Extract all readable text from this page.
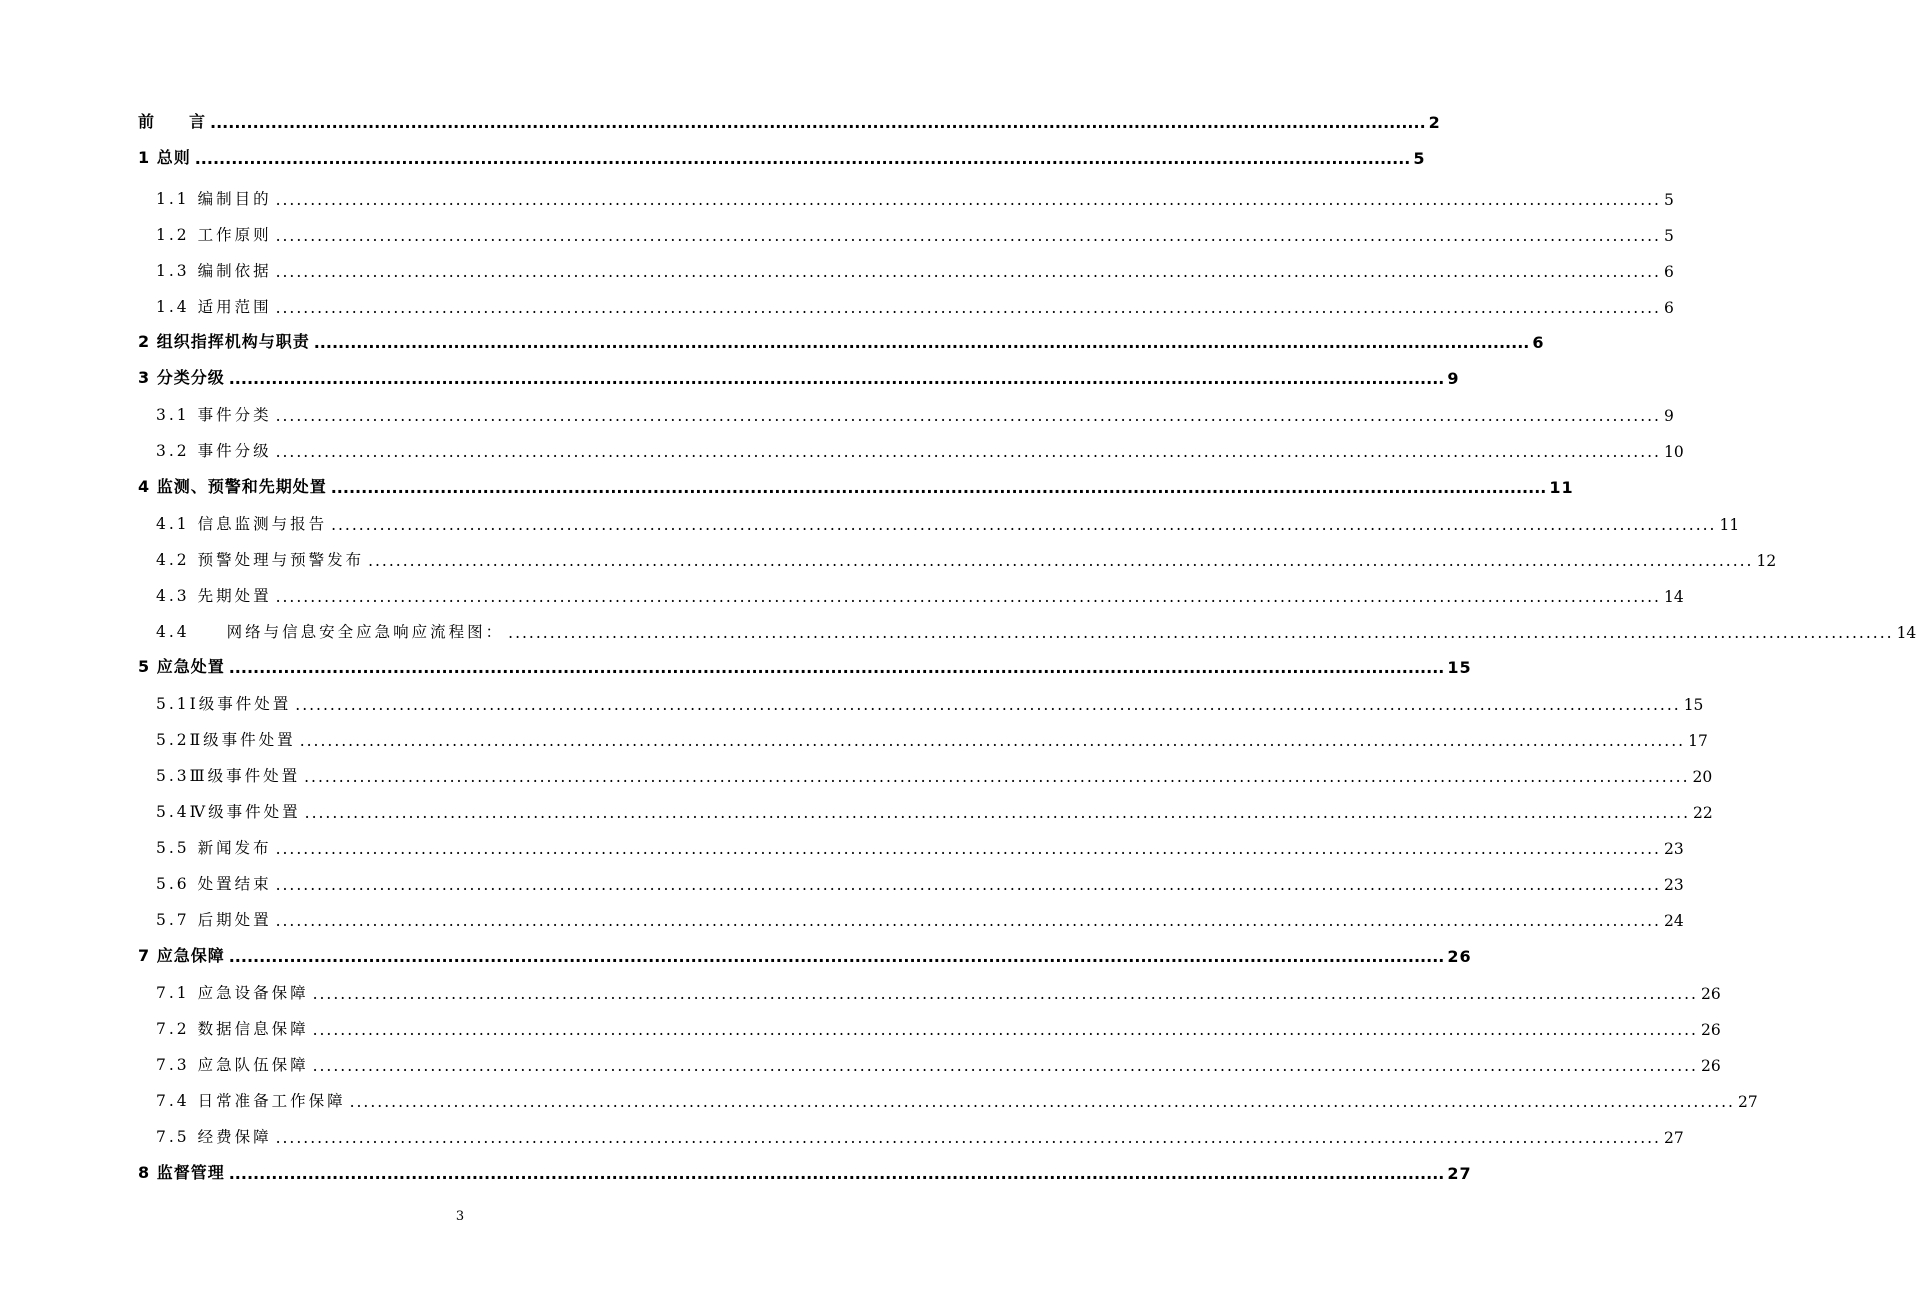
前　　言 ........................................................................................................................................................................................................ 2
1 总则 ........................................................................................................................................................................................................ 5
1.1 编制目的 ........................................................................................................................................................................................................ 5
1.2 工作原则 ........................................................................................................................................................................................................ 5
1.3 编制依据 ........................................................................................................................................................................................................ 6
1.4 适用范围 ........................................................................................................................................................................................................ 6
2 组织指挥机构与职责 ........................................................................................................................................................................................................ 6
3 分类分级 ........................................................................................................................................................................................................ 9
3.1 事件分类 ........................................................................................................................................................................................................ 9
3.2 事件分级 ........................................................................................................................................................................................................ 10
4 监测、预警和先期处置 ........................................................................................................................................................................................................ 11
4.1 信息监测与报告 ........................................................................................................................................................................................................ 11
4.2 预警处理与预警发布 ........................................................................................................................................................................................................ 12
4.3 先期处置 ........................................................................................................................................................................................................ 14
4.4　　网络与信息安全应急响应流程图： ........................................................................................................................................................................................................ 14
5 应急处置 ........................................................................................................................................................................................................ 15
5.1Ⅰ级事件处置 ........................................................................................................................................................................................................ 15
5.2Ⅱ级事件处置 ........................................................................................................................................................................................................ 17
5.3Ⅲ级事件处置 ........................................................................................................................................................................................................ 20
5.4Ⅳ级事件处置 ........................................................................................................................................................................................................ 22
5.5 新闻发布 ........................................................................................................................................................................................................ 23
5.6 处置结束 ........................................................................................................................................................................................................ 23
5.7 后期处置 ........................................................................................................................................................................................................ 24
7 应急保障 ........................................................................................................................................................................................................ 26
7.1 应急设备保障 ........................................................................................................................................................................................................ 26
7.2 数据信息保障 ........................................................................................................................................................................................................ 26
7.3 应急队伍保障 ........................................................................................................................................................................................................ 26
7.4 日常准备工作保障 ........................................................................................................................................................................................................ 27
7.5 经费保障 ........................................................................................................................................................................................................ 27
8 监督管理 ........................................................................................................................................................................................................ 27
3
